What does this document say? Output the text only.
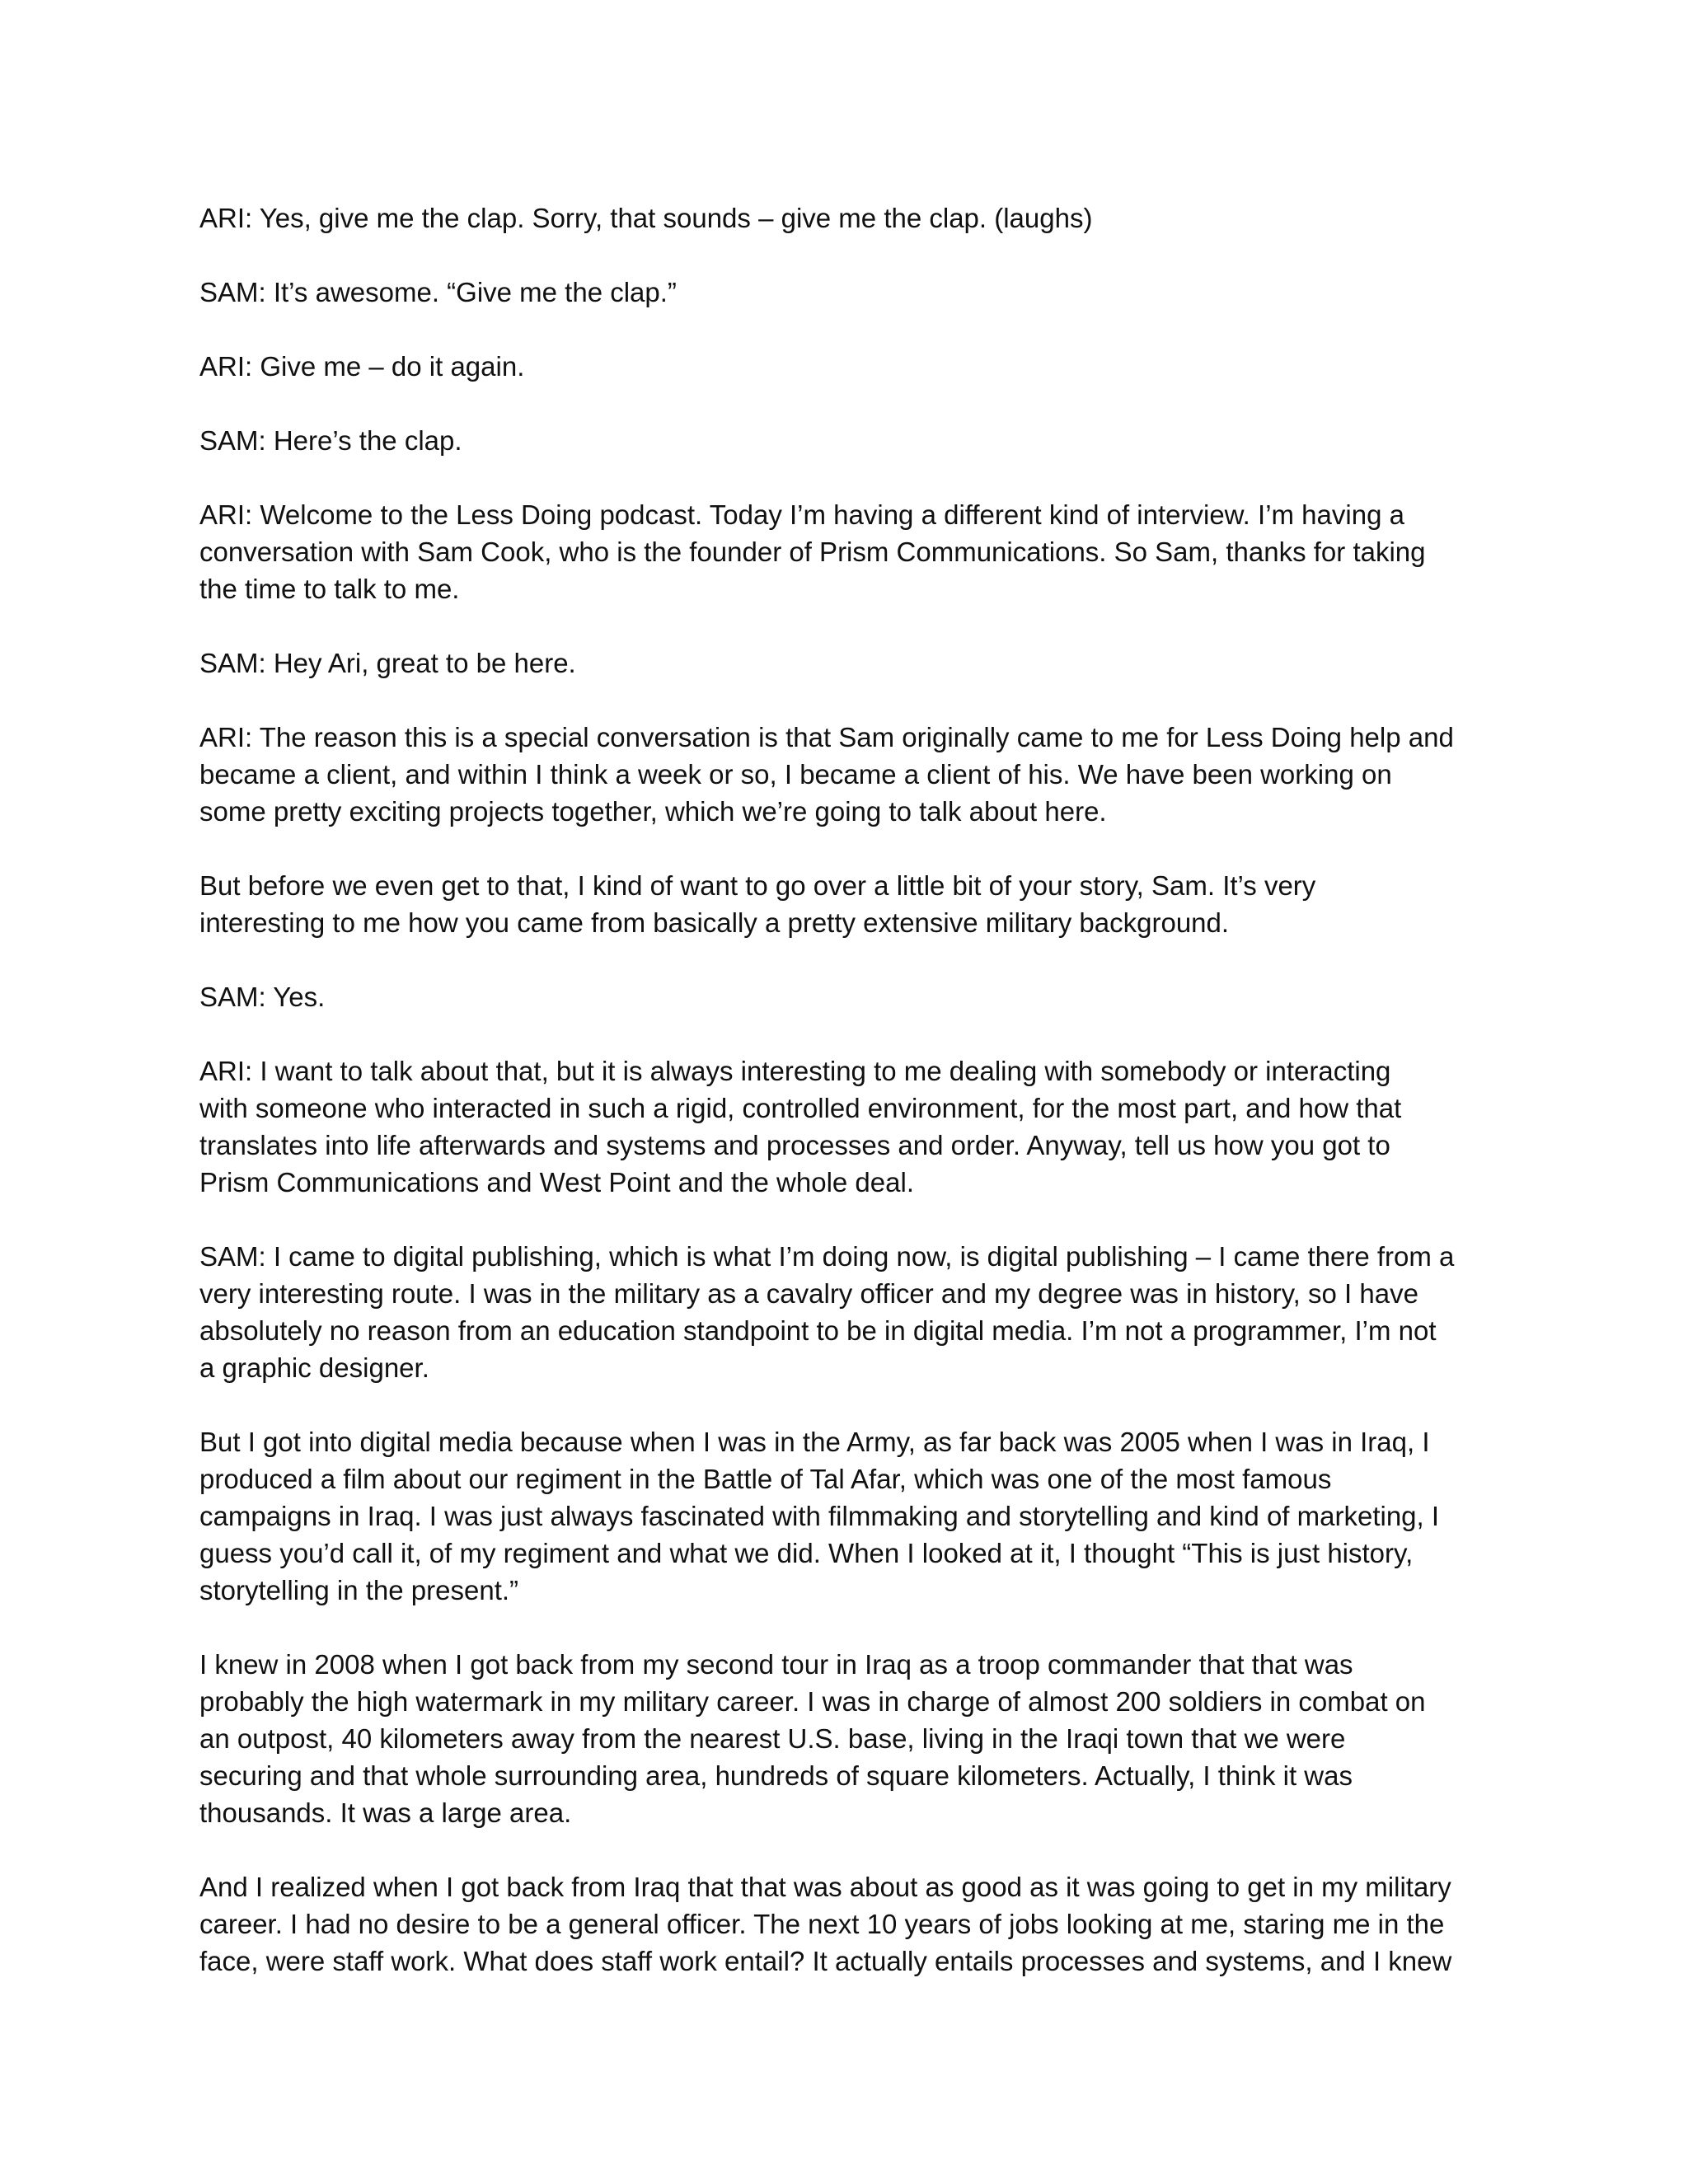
ARI: Yes, give me the clap. Sorry, that sounds – give me the clap. (laughs)

SAM: It’s awesome. “Give me the clap.”

ARI: Give me – do it again.

SAM: Here’s the clap.

ARI: Welcome to the Less Doing podcast. Today I’m having a different kind of interview. I’m having a
conversation with Sam Cook, who is the founder of Prism Communications. So Sam, thanks for taking
the time to talk to me.

SAM: Hey Ari, great to be here.

ARI: The reason this is a special conversation is that Sam originally came to me for Less Doing help and
became a client, and within I think a week or so, I became a client of his. We have been working on
some pretty exciting projects together, which we’re going to talk about here.

But before we even get to that, I kind of want to go over a little bit of your story, Sam. It’s very
interesting to me how you came from basically a pretty extensive military background.

SAM: Yes.

ARI: I want to talk about that, but it is always interesting to me dealing with somebody or interacting
with someone who interacted in such a rigid, controlled environment, for the most part, and how that
translates into life afterwards and systems and processes and order. Anyway, tell us how you got to
Prism Communications and West Point and the whole deal.

SAM: I came to digital publishing, which is what I’m doing now, is digital publishing – I came there from a
very interesting route. I was in the military as a cavalry officer and my degree was in history, so I have
absolutely no reason from an education standpoint to be in digital media. I’m not a programmer, I’m not
a graphic designer.

But I got into digital media because when I was in the Army, as far back was 2005 when I was in Iraq, I
produced a film about our regiment in the Battle of Tal Afar, which was one of the most famous
campaigns in Iraq. I was just always fascinated with filmmaking and storytelling and kind of marketing, I
guess you’d call it, of my regiment and what we did. When I looked at it, I thought “This is just history,
storytelling in the present.”

I knew in 2008 when I got back from my second tour in Iraq as a troop commander that that was
probably the high watermark in my military career. I was in charge of almost 200 soldiers in combat on
an outpost, 40 kilometers away from the nearest U.S. base, living in the Iraqi town that we were
securing and that whole surrounding area, hundreds of square kilometers. Actually, I think it was
thousands. It was a large area.

And I realized when I got back from Iraq that that was about as good as it was going to get in my military
career. I had no desire to be a general officer. The next 10 years of jobs looking at me, staring me in the
face, were staff work. What does staff work entail? It actually entails processes and systems, and I knew
